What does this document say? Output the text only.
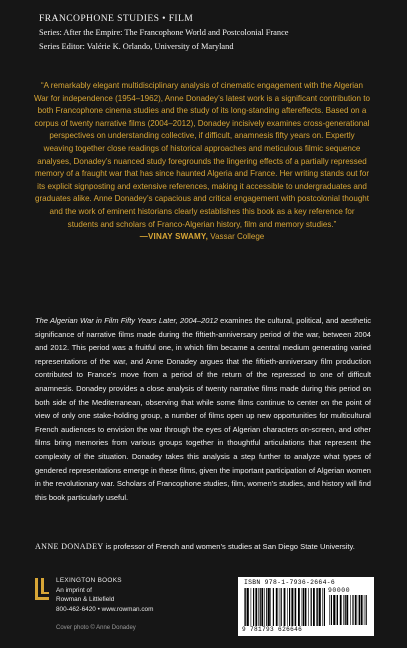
FRANCOPHONE STUDIES • FILM
Series: After the Empire: The Francophone World and Postcolonial France
Series Editor: Valérie K. Orlando, University of Maryland
“A remarkably elegant multidisciplinary analysis of cinematic engagement with the Algerian War for independence (1954–1962), Anne Donadey’s latest work is a significant contribution to both Francophone cinema studies and the study of its long-standing aftereffects. Based on a corpus of twenty narrative films (2004–2012), Donadey incisively examines cross-generational perspectives on understanding collective, if difficult, anamnesis fifty years on. Expertly weaving together close readings of historical approaches and meticulous filmic sequence analyses, Donadey’s nuanced study foregrounds the lingering effects of a partially repressed memory of a fraught war that has since haunted Algeria and France. Her writing stands out for its explicit signposting and extensive references, making it accessible to undergraduates and graduates alike. Anne Donadey’s capacious and critical engagement with postcolonial thought and the work of eminent historians clearly establishes this book as a key reference for students and scholars of Franco-Algerian history, film and memory studies.”
—VINAY SWAMY, Vassar College
The Algerian War in Film Fifty Years Later, 2004–2012 examines the cultural, political, and aesthetic significance of narrative films made during the fiftieth-anniversary period of the war, between 2004 and 2012. This period was a fruitful one, in which film became a central medium generating varied representations of the war, and Anne Donadey argues that the fiftieth-anniversary film production contributed to France’s move from a period of the return of the repressed to one of difficult anamnesis. Donadey provides a close analysis of twenty narrative films made during this period on both side of the Mediterranean, observing that while some films continue to center on the point of view of only one stake-holding group, a number of films open up new opportunities for multicultural French audiences to envision the war through the eyes of Algerian characters on-screen, and other films bring memories from various groups together in thoughtful articulations that represent the complexity of the situation. Donadey takes this analysis a step further to analyze what types of gendered representations emerge in these films, given the important participation of Algerian women in the revolutionary war. Scholars of Francophone studies, film, women’s studies, and history will find this book particularly useful.
ANNE DONADEY is professor of French and women’s studies at San Diego State University.
LEXINGTON BOOKS
An imprint of
Rowman & Littlefield
800-462-6420 • www.rowman.com
Cover photo © Anne Donadey
ISBN 978-1-7936-2664-6
9 781793 626646
90000
